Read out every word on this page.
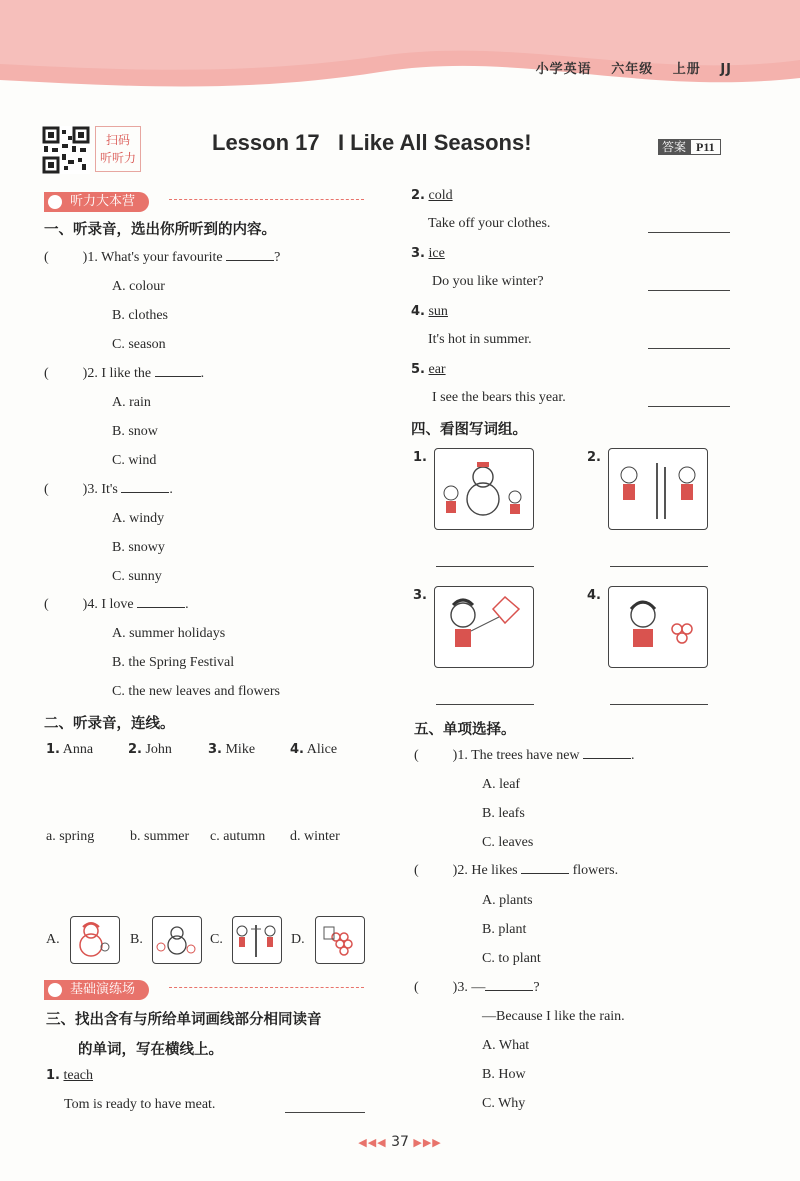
小学英语 六年级 上册 JJ
扫码
听听力
Lesson 17   I Like All Seasons!	答案 P11
听力大本营
一、听录音，选出你所听到的内容。
( )1. What's your favourite	?
A. colour
B. clothes
C. season
( )2. I like the	.
A. rain
B. snow
C. wind
( )3. It's	.
A. windy
B. snowy
C. sunny
( )4. I love	.
A. summer holidays
B. the Spring Festival
C. the new leaves and flowers
二、听录音，连线。
1. Anna	2. John	3. Mike	4. Alice
a. spring	b. summer c. autumn d. winter
A.	B.	C.	D.
基础演练场
三、找出含有与所给单词画线部分相同读音
的单词，写在横线上。
1. teach
Tom is ready to have meat.
2. cold
Take off your clothes.
3. ice
Do you like winter?
4. sun
It's hot in summer.
5. ear
I see the bears this year.
四、看图写词组。
1.	2.
3.	4.
五、单项选择。
( )1. The trees have new	.
A. leaf
B. leafs
C. leaves
( )2. He likes	flowers.
A. plants
B. plant
C. to plant
( )3. —	?
—Because I like the rain.
A. What
B. How
C. Why
◀◀◀ 37 ▶▶▶
